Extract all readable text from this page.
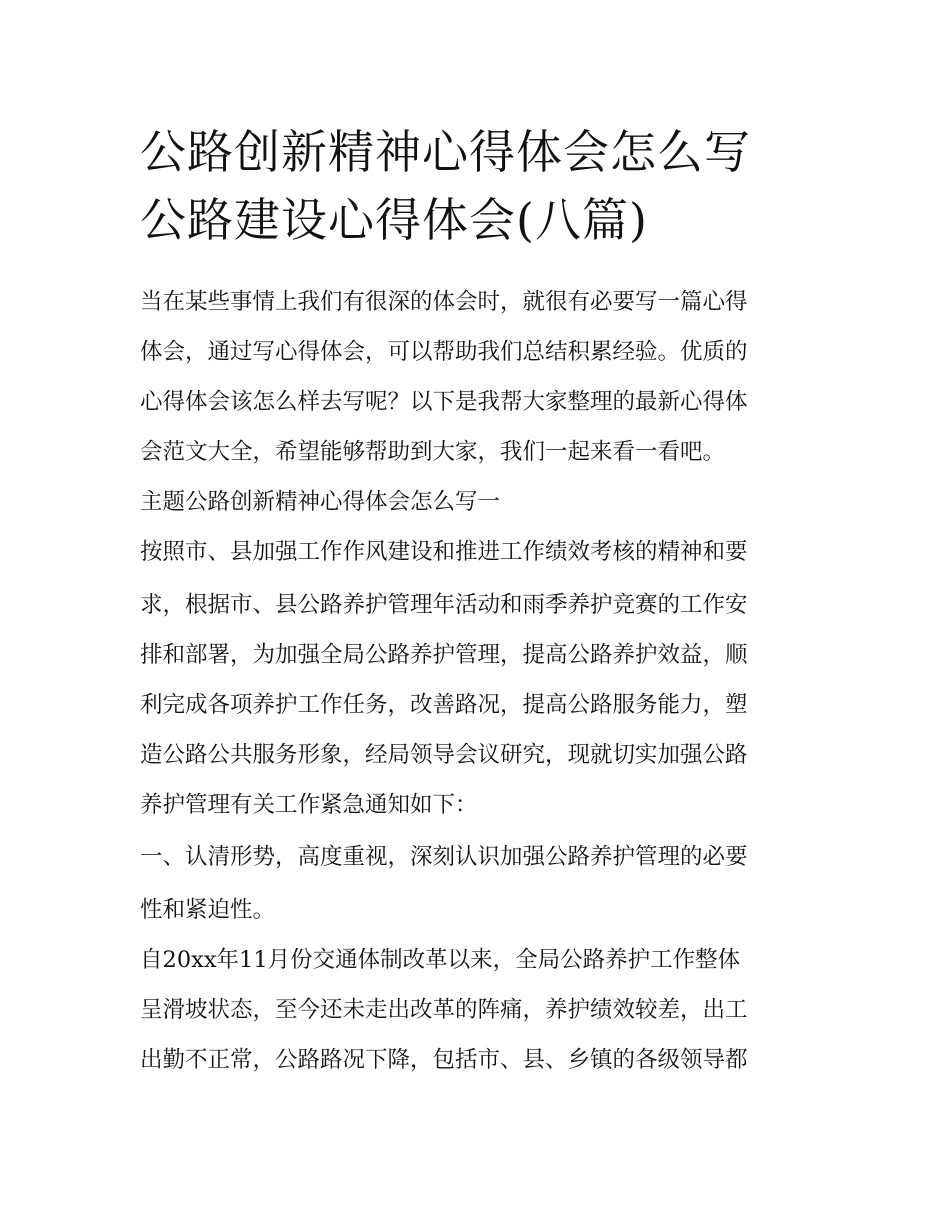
公路创新精神心得体会怎么写
公路建设心得体会(八篇)
当在某些事情上我们有很深的体会时，就很有必要写一篇心得
体会，通过写心得体会，可以帮助我们总结积累经验。优质的
心得体会该怎么样去写呢？以下是我帮大家整理的最新心得体
会范文大全，希望能够帮助到大家，我们一起来看一看吧。
主题公路创新精神心得体会怎么写一
按照市、县加强工作作风建设和推进工作绩效考核的精神和要
求，根据市、县公路养护管理年活动和雨季养护竞赛的工作安
排和部署，为加强全局公路养护管理，提高公路养护效益，顺
利完成各项养护工作任务，改善路况，提高公路服务能力，塑
造公路公共服务形象，经局领导会议研究，现就切实加强公路
养护管理有关工作紧急通知如下：
一、认清形势，高度重视，深刻认识加强公路养护管理的必要
性和紧迫性。
自20xx年11月份交通体制改革以来，全局公路养护工作整体
呈滑坡状态，至今还未走出改革的阵痛，养护绩效较差，出工
出勤不正常，公路路况下降，包括市、县、乡镇的各级领导都
